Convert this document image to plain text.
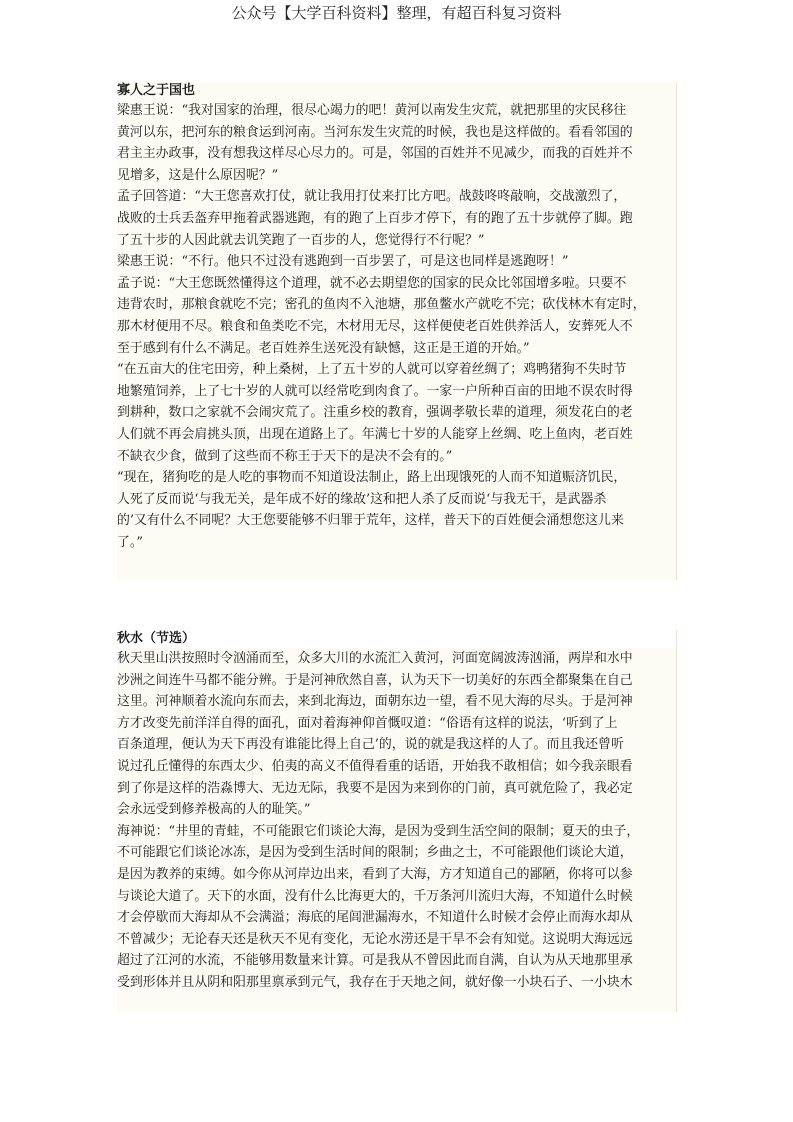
公众号【大学百科资料】整理，有超百科复习资料
寡人之于国也
梁惠王说：“我对国家的治理，很尽心竭力的吧！黄河以南发生灾荒，就把那里的灾民移往
黄河以东，把河东的粮食运到河南。当河东发生灾荒的时候，我也是这样做的。看看邻国的
君主主办政事，没有想我这样尽心尽力的。可是，邻国的百姓并不见减少，而我的百姓并不
见增多，这是什么原因呢？”
孟子回答道：“大王您喜欢打仗，就让我用打仗来打比方吧。战鼓咚咚敲响，交战激烈了，
战败的士兵丢盔弃甲拖着武器逃跑，有的跑了上百步才停下，有的跑了五十步就停了脚。跑
了五十步的人因此就去讥笑跑了一百步的人，您觉得行不行呢？”
梁惠王说：“不行。他只不过没有逃跑到一百步罢了，可是这也同样是逃跑呀！”
孟子说：“大王您既然懂得这个道理，就不必去期望您的国家的民众比邻国增多啦。只要不
违背农时，那粮食就吃不完；密孔的鱼肉不入池塘，那鱼鳖水产就吃不完；砍伐林木有定时，
那木材便用不尽。粮食和鱼类吃不完，木材用无尽，这样便使老百姓供养活人，安葬死人不
至于感到有什么不满足。老百姓养生送死没有缺憾，这正是王道的开始。”
“在五亩大的住宅田旁，种上桑树，上了五十岁的人就可以穿着丝绸了；鸡鸭猪狗不失时节
地繁殖饲养，上了七十岁的人就可以经常吃到肉食了。一家一户所种百亩的田地不误农时得
到耕种，数口之家就不会闹灾荒了。注重乡校的教育，强调孝敬长辈的道理，须发花白的老
人们就不再会肩挑头顶，出现在道路上了。年满七十岁的人能穿上丝绸、吃上鱼肉，老百姓
不缺衣少食，做到了这些而不称王于天下的是决不会有的。”
“现在，猪狗吃的是人吃的事物而不知道设法制止，路上出现饿死的人而不知道赈济饥民，
人死了反而说‘与我无关，是年成不好的缘故’这和把人杀了反而说‘与我无干，是武器杀
的’又有什么不同呢？大王您要能够不归罪于荒年，这样，普天下的百姓便会涌想您这儿来
了。”
秋水（节选）
秋天里山洪按照时令汹涌而至，众多大川的水流汇入黄河，河面宽阔波涛汹涌，两岸和水中
沙洲之间连牛马都不能分辨。于是河神欣然自喜，认为天下一切美好的东西全都聚集在自己
这里。河神顺着水流向东而去，来到北海边，面朝东边一望，看不见大海的尽头。于是河神
方才改变先前洋洋自得的面孔，面对着海神仰首慨叹道：“俗语有这样的说法，‘听到了上
百条道理，便认为天下再没有谁能比得上自己’的，说的就是我这样的人了。而且我还曾听
说过孔丘懂得的东西太少、伯夷的高义不值得看重的话语，开始我不敢相信；如今我亲眼看
到了你是这样的浩淼博大、无边无际，我要不是因为来到你的门前，真可就危险了，我必定
会永远受到修养极高的人的耻笑。”
海神说：“井里的青蛙，不可能跟它们谈论大海，是因为受到生活空间的限制；夏天的虫子，
不可能跟它们谈论冰冻，是因为受到生活时间的限制；乡曲之士，不可能跟他们谈论大道，
是因为教养的束缚。如今你从河岸边出来，看到了大海，方才知道自己的鄙陋，你将可以参
与谈论大道了。天下的水面，没有什么比海更大的，千万条河川流归大海，不知道什么时候
才会停歇而大海却从不会满溢；海底的尾闾泄漏海水，不知道什么时候才会停止而海水却从
不曾减少；无论春天还是秋天不见有变化，无论水涝还是干旱不会有知觉。这说明大海远远
超过了江河的水流，不能够用数量来计算。可是我从不曾因此而自满，自认为从天地那里承
受到形体并且从阴和阳那里禀承到元气，我存在于天地之间，就好像一小块石子、一小块木
